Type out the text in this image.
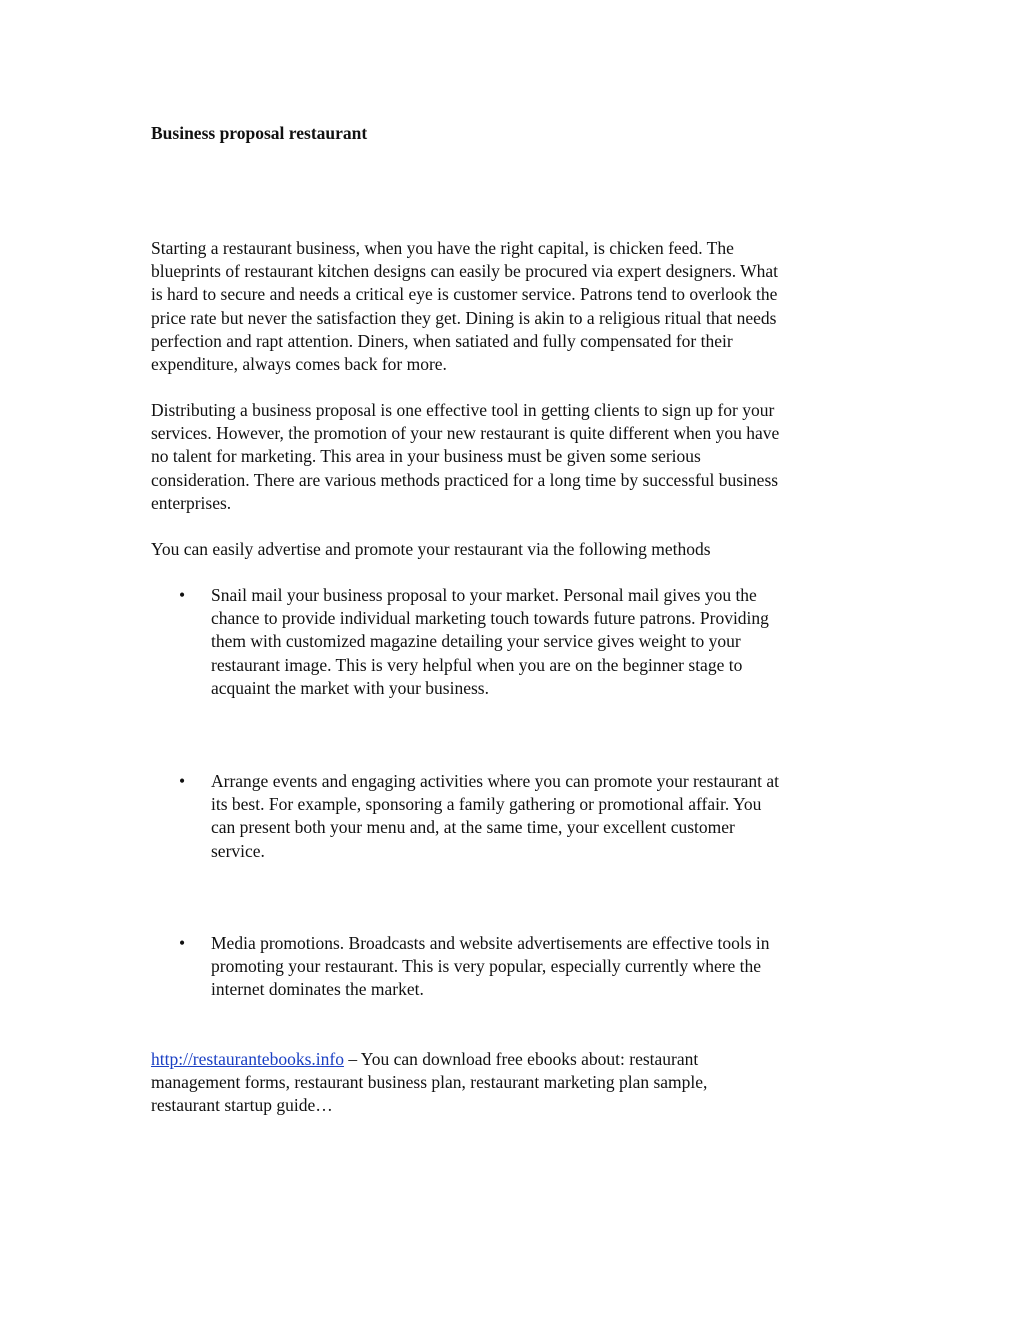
Business proposal restaurant

Starting a restaurant business, when you have the right capital, is chicken feed. The
blueprints of restaurant kitchen designs can easily be procured via expert designers. What
is hard to secure and needs a critical eye is customer service. Patrons tend to overlook the
price rate but never the satisfaction they get. Dining is akin to a religious ritual that needs
perfection and rapt attention. Diners, when satiated and fully compensated for their
expenditure, always comes back for more.

Distributing a business proposal is one effective tool in getting clients to sign up for your
services. However, the promotion of your new restaurant is quite different when you have
no talent for marketing. This area in your business must be given some serious
consideration. There are various methods practiced for a long time by successful business
enterprises.

You can easily advertise and promote your restaurant via the following methods

• Snail mail your business proposal to your market. Personal mail gives you the
chance to provide individual marketing touch towards future patrons. Providing
them with customized magazine detailing your service gives weight to your
restaurant image. This is very helpful when you are on the beginner stage to
acquaint the market with your business.
• Arrange events and engaging activities where you can promote your restaurant at
its best. For example, sponsoring a family gathering or promotional affair. You
can present both your menu and, at the same time, your excellent customer
service.
• Media promotions. Broadcasts and website advertisements are effective tools in
promoting your restaurant. This is very popular, especially currently where the
internet dominates the market.

http://restaurantebooks.info – You can download free ebooks about: restaurant
management forms, restaurant business plan, restaurant marketing plan sample,
restaurant startup guide…
